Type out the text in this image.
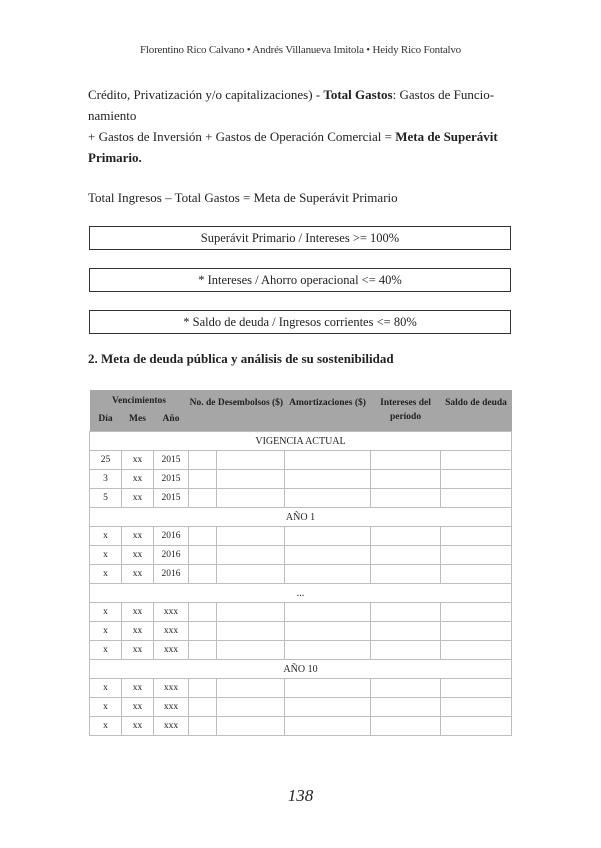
Florentino Rico Calvano • Andrés Villanueva Imitola • Heidy Rico Fontalvo
Crédito, Privatización y/o capitalizaciones) - Total Gastos: Gastos de Funcio-
namiento
+ Gastos de Inversión + Gastos de Operación Comercial = Meta de Superávit
Primario.
Total Ingresos – Total Gastos = Meta de Superávit Primario
Superávit Primario / Intereses >= 100%
* Intereses / Ahorro operacional <= 40%
* Saldo de deuda / Ingresos corrientes <= 80%
2. Meta de deuda pública y análisis de su sostenibilidad
Vencimientos			No. de	Desembolsos ($)	Amortizaciones ($)	Intereses del período	Saldo de deuda
Día	Mes	Año					
VIGENCIA ACTUAL							
25	xx	2015					
3	xx	2015					
5	xx	2015					
AÑO 1							
x	xx	2016					
x	xx	2016					
x	xx	2016					
...							
x	xx	xxx					
x	xx	xxx					
x	xx	xxx					
AÑO 10							
x	xx	xxx					
x	xx	xxx					
x	xx	xxx					
138
